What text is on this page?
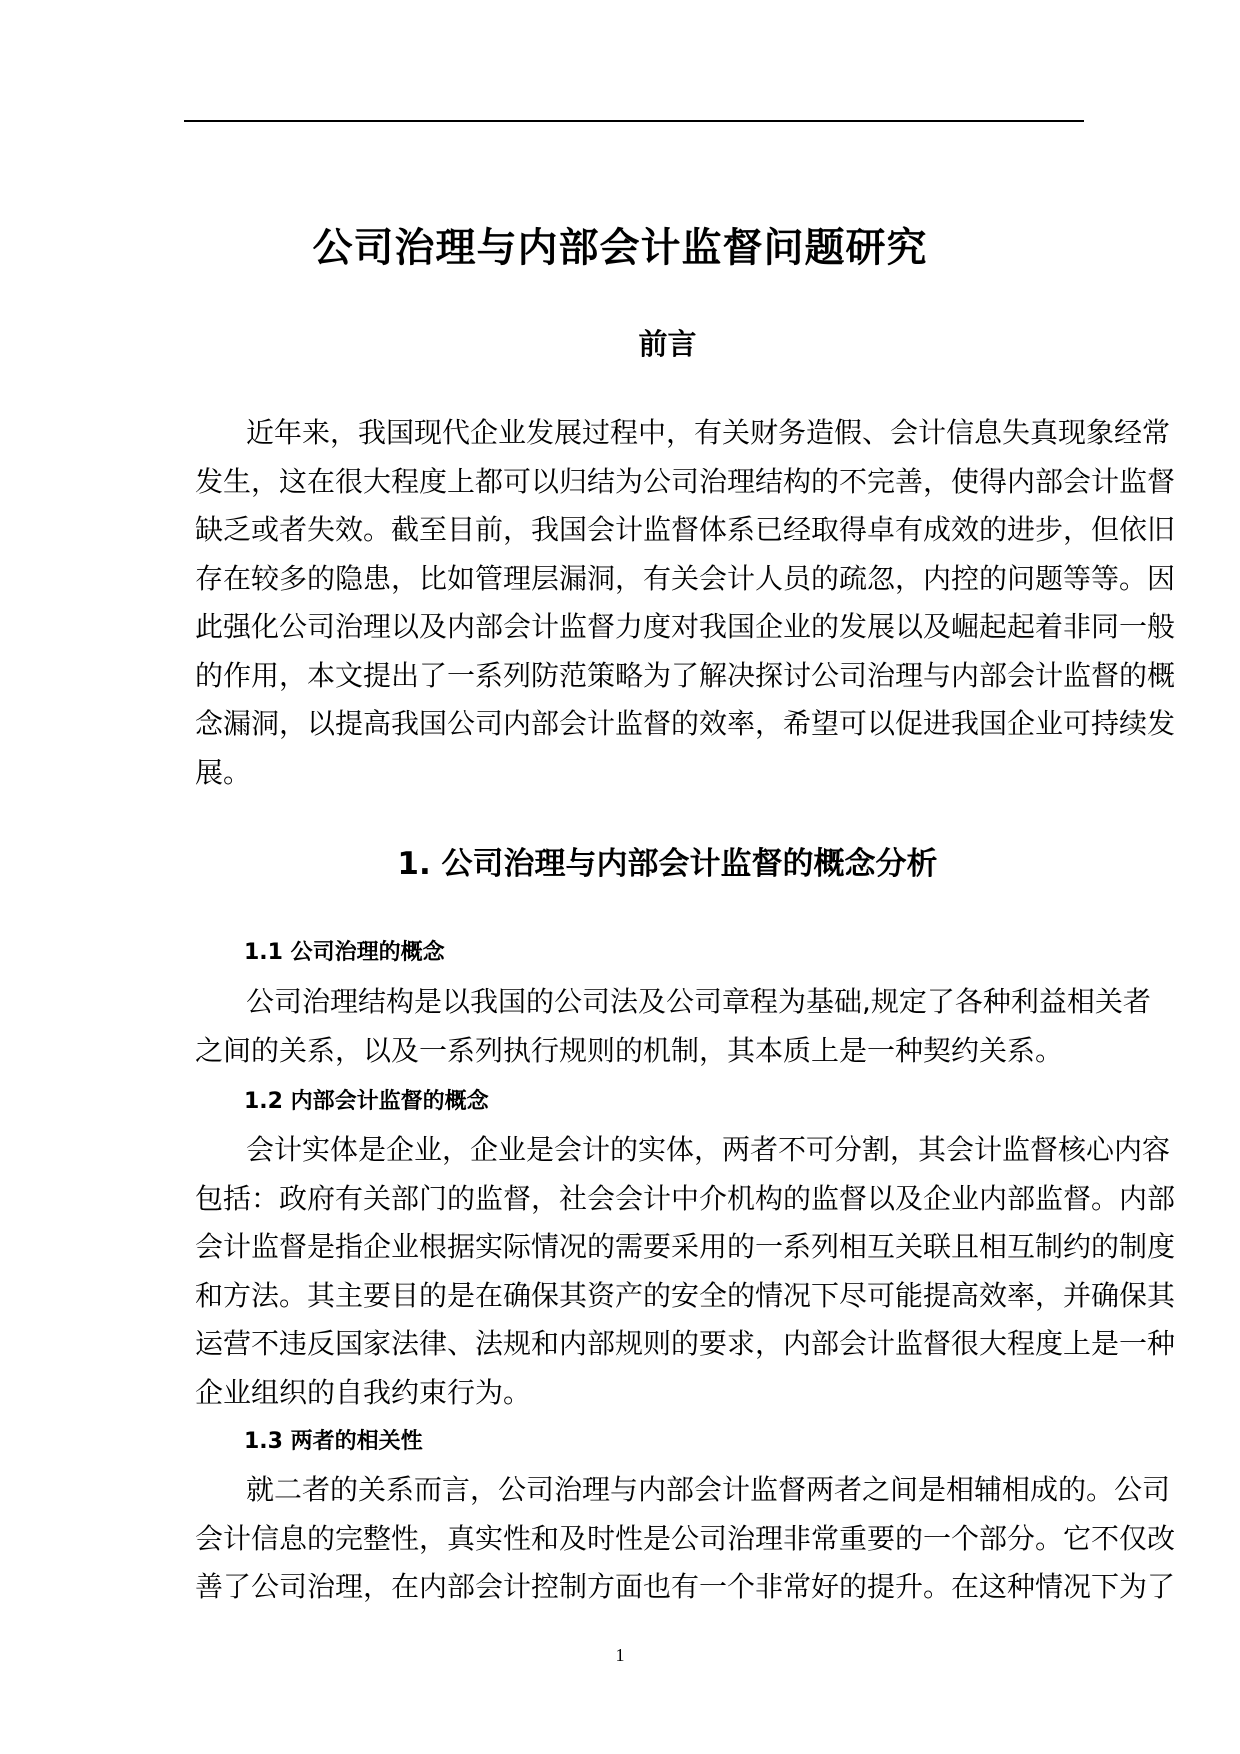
公司治理与内部会计监督问题研究
前言
近年来，我国现代企业发展过程中，有关财务造假、会计信息失真现象经常
发生，这在很大程度上都可以归结为公司治理结构的不完善，使得内部会计监督
缺乏或者失效。截至目前，我国会计监督体系已经取得卓有成效的进步，但依旧
存在较多的隐患，比如管理层漏洞，有关会计人员的疏忽，内控的问题等等。因
此强化公司治理以及内部会计监督力度对我国企业的发展以及崛起起着非同一般
的作用，本文提出了一系列防范策略为了解决探讨公司治理与内部会计监督的概
念漏洞，以提高我国公司内部会计监督的效率，希望可以促进我国企业可持续发
展。
1. 公司治理与内部会计监督的概念分析
1.1 公司治理的概念
公司治理结构是以我国的公司法及公司章程为基础,规定了各种利益相关者
之间的关系，以及一系列执行规则的机制，其本质上是一种契约关系。
1.2 内部会计监督的概念
会计实体是企业，企业是会计的实体，两者不可分割，其会计监督核心内容
包括：政府有关部门的监督，社会会计中介机构的监督以及企业内部监督。内部
会计监督是指企业根据实际情况的需要采用的一系列相互关联且相互制约的制度
和方法。其主要目的是在确保其资产的安全的情况下尽可能提高效率，并确保其
运营不违反国家法律、法规和内部规则的要求，内部会计监督很大程度上是一种
企业组织的自我约束行为。
1.3 两者的相关性
就二者的关系而言，公司治理与内部会计监督两者之间是相辅相成的。公司
会计信息的完整性，真实性和及时性是公司治理非常重要的一个部分。它不仅改
善了公司治理，在内部会计控制方面也有一个非常好的提升。在这种情况下为了
1
